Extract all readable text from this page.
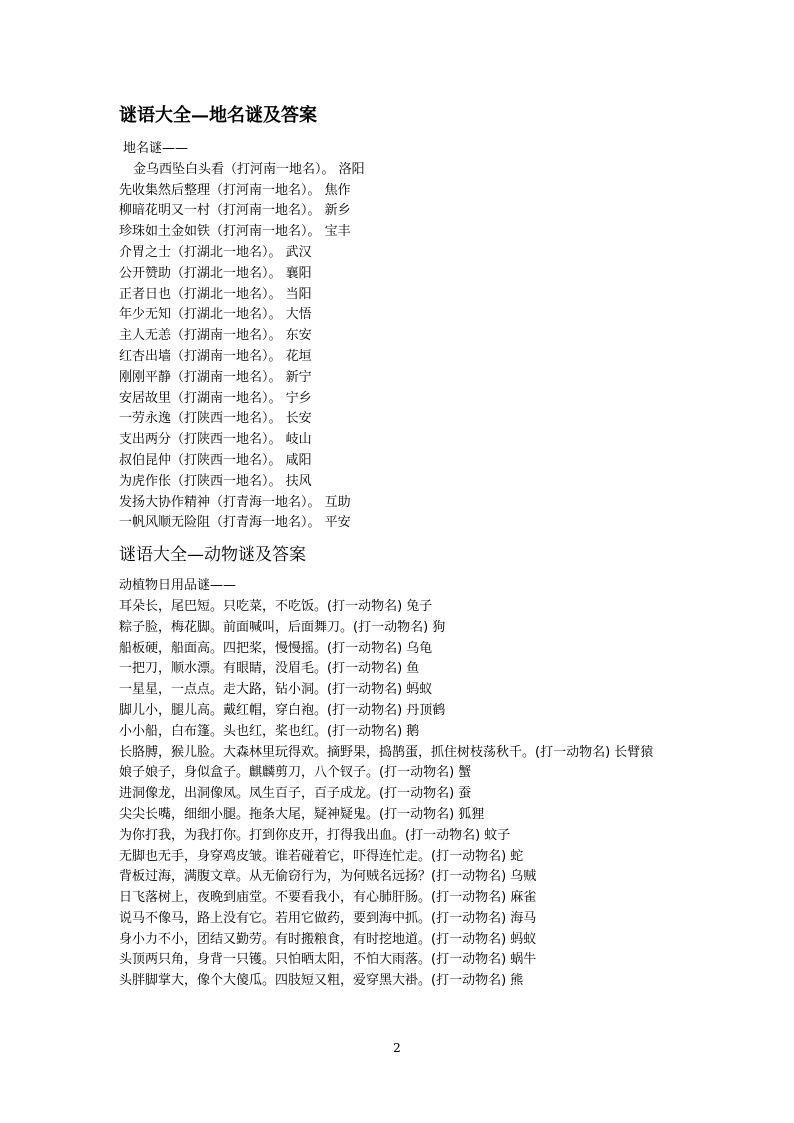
谜语大全—地名谜及答案
地名谜——
金乌西坠白头看（打河南一地名）。 洛阳
先收集然后整理（打河南一地名）。 焦作
柳暗花明又一村（打河南一地名）。 新乡
珍珠如土金如铁（打河南一地名）。 宝丰
介胃之士（打湖北一地名）。 武汉
公开赞助（打湖北一地名）。 襄阳
正者日也（打湖北一地名）。 当阳
年少无知（打湖北一地名）。 大悟
主人无恙（打湖南一地名）。 东安
红杏出墙（打湖南一地名）。 花垣
刚刚平静（打湖南一地名）。 新宁
安居故里（打湖南一地名）。 宁乡
一劳永逸（打陕西一地名）。 长安
支出两分（打陕西一地名）。 岐山
叔伯昆仲（打陕西一地名）。 咸阳
为虎作伥（打陕西一地名）。 扶风
发扬大协作精神（打青海一地名）。 互助
一帆风顺无险阻（打青海一地名）。 平安
谜语大全—动物谜及答案
动植物日用品谜——
耳朵长，尾巴短。只吃菜，不吃饭。(打一动物名) 兔子
粽子脸，梅花脚。前面喊叫，后面舞刀。(打一动物名) 狗
船板硬，船面高。四把桨，慢慢摇。(打一动物名) 乌龟
一把刀，顺水漂。有眼睛，没眉毛。(打一动物名) 鱼
一星星，一点点。走大路，钻小洞。(打一动物名) 蚂蚁
脚儿小，腿儿高。戴红帽，穿白袍。(打一动物名) 丹顶鹤
小小船，白布篷。头也红，桨也红。(打一动物名) 鹅
长胳膊，猴儿脸。大森林里玩得欢。摘野果，捣鹊蛋，抓住树枝荡秋千。(打一动物名) 长臂猿
娘子娘子，身似盒子。麒麟剪刀，八个钗子。(打一动物名) 蟹
进洞像龙，出洞像凤。凤生百子，百子成龙。(打一动物名) 蚕
尖尖长嘴，细细小腿。拖条大尾，疑神疑鬼。(打一动物名) 狐狸
为你打我，为我打你。打到你皮开，打得我出血。(打一动物名) 蚊子
无脚也无手，身穿鸡皮皱。谁若碰着它，吓得连忙走。(打一动物名) 蛇
背板过海，满腹文章。从无偷窃行为，为何贼名远扬？(打一动物名) 乌贼
日飞落树上，夜晚到庙堂。不要看我小，有心肺肝肠。(打一动物名) 麻雀
说马不像马，路上没有它。若用它做药，要到海中抓。(打一动物名) 海马
身小力不小，团结又勤劳。有时搬粮食，有时挖地道。(打一动物名) 蚂蚁
头顶两只角，身背一只镬。只怕晒太阳，不怕大雨落。(打一动物名) 蜗牛
头胖脚掌大，像个大傻瓜。四肢短又粗，爱穿黑大褂。(打一动物名) 熊
2
